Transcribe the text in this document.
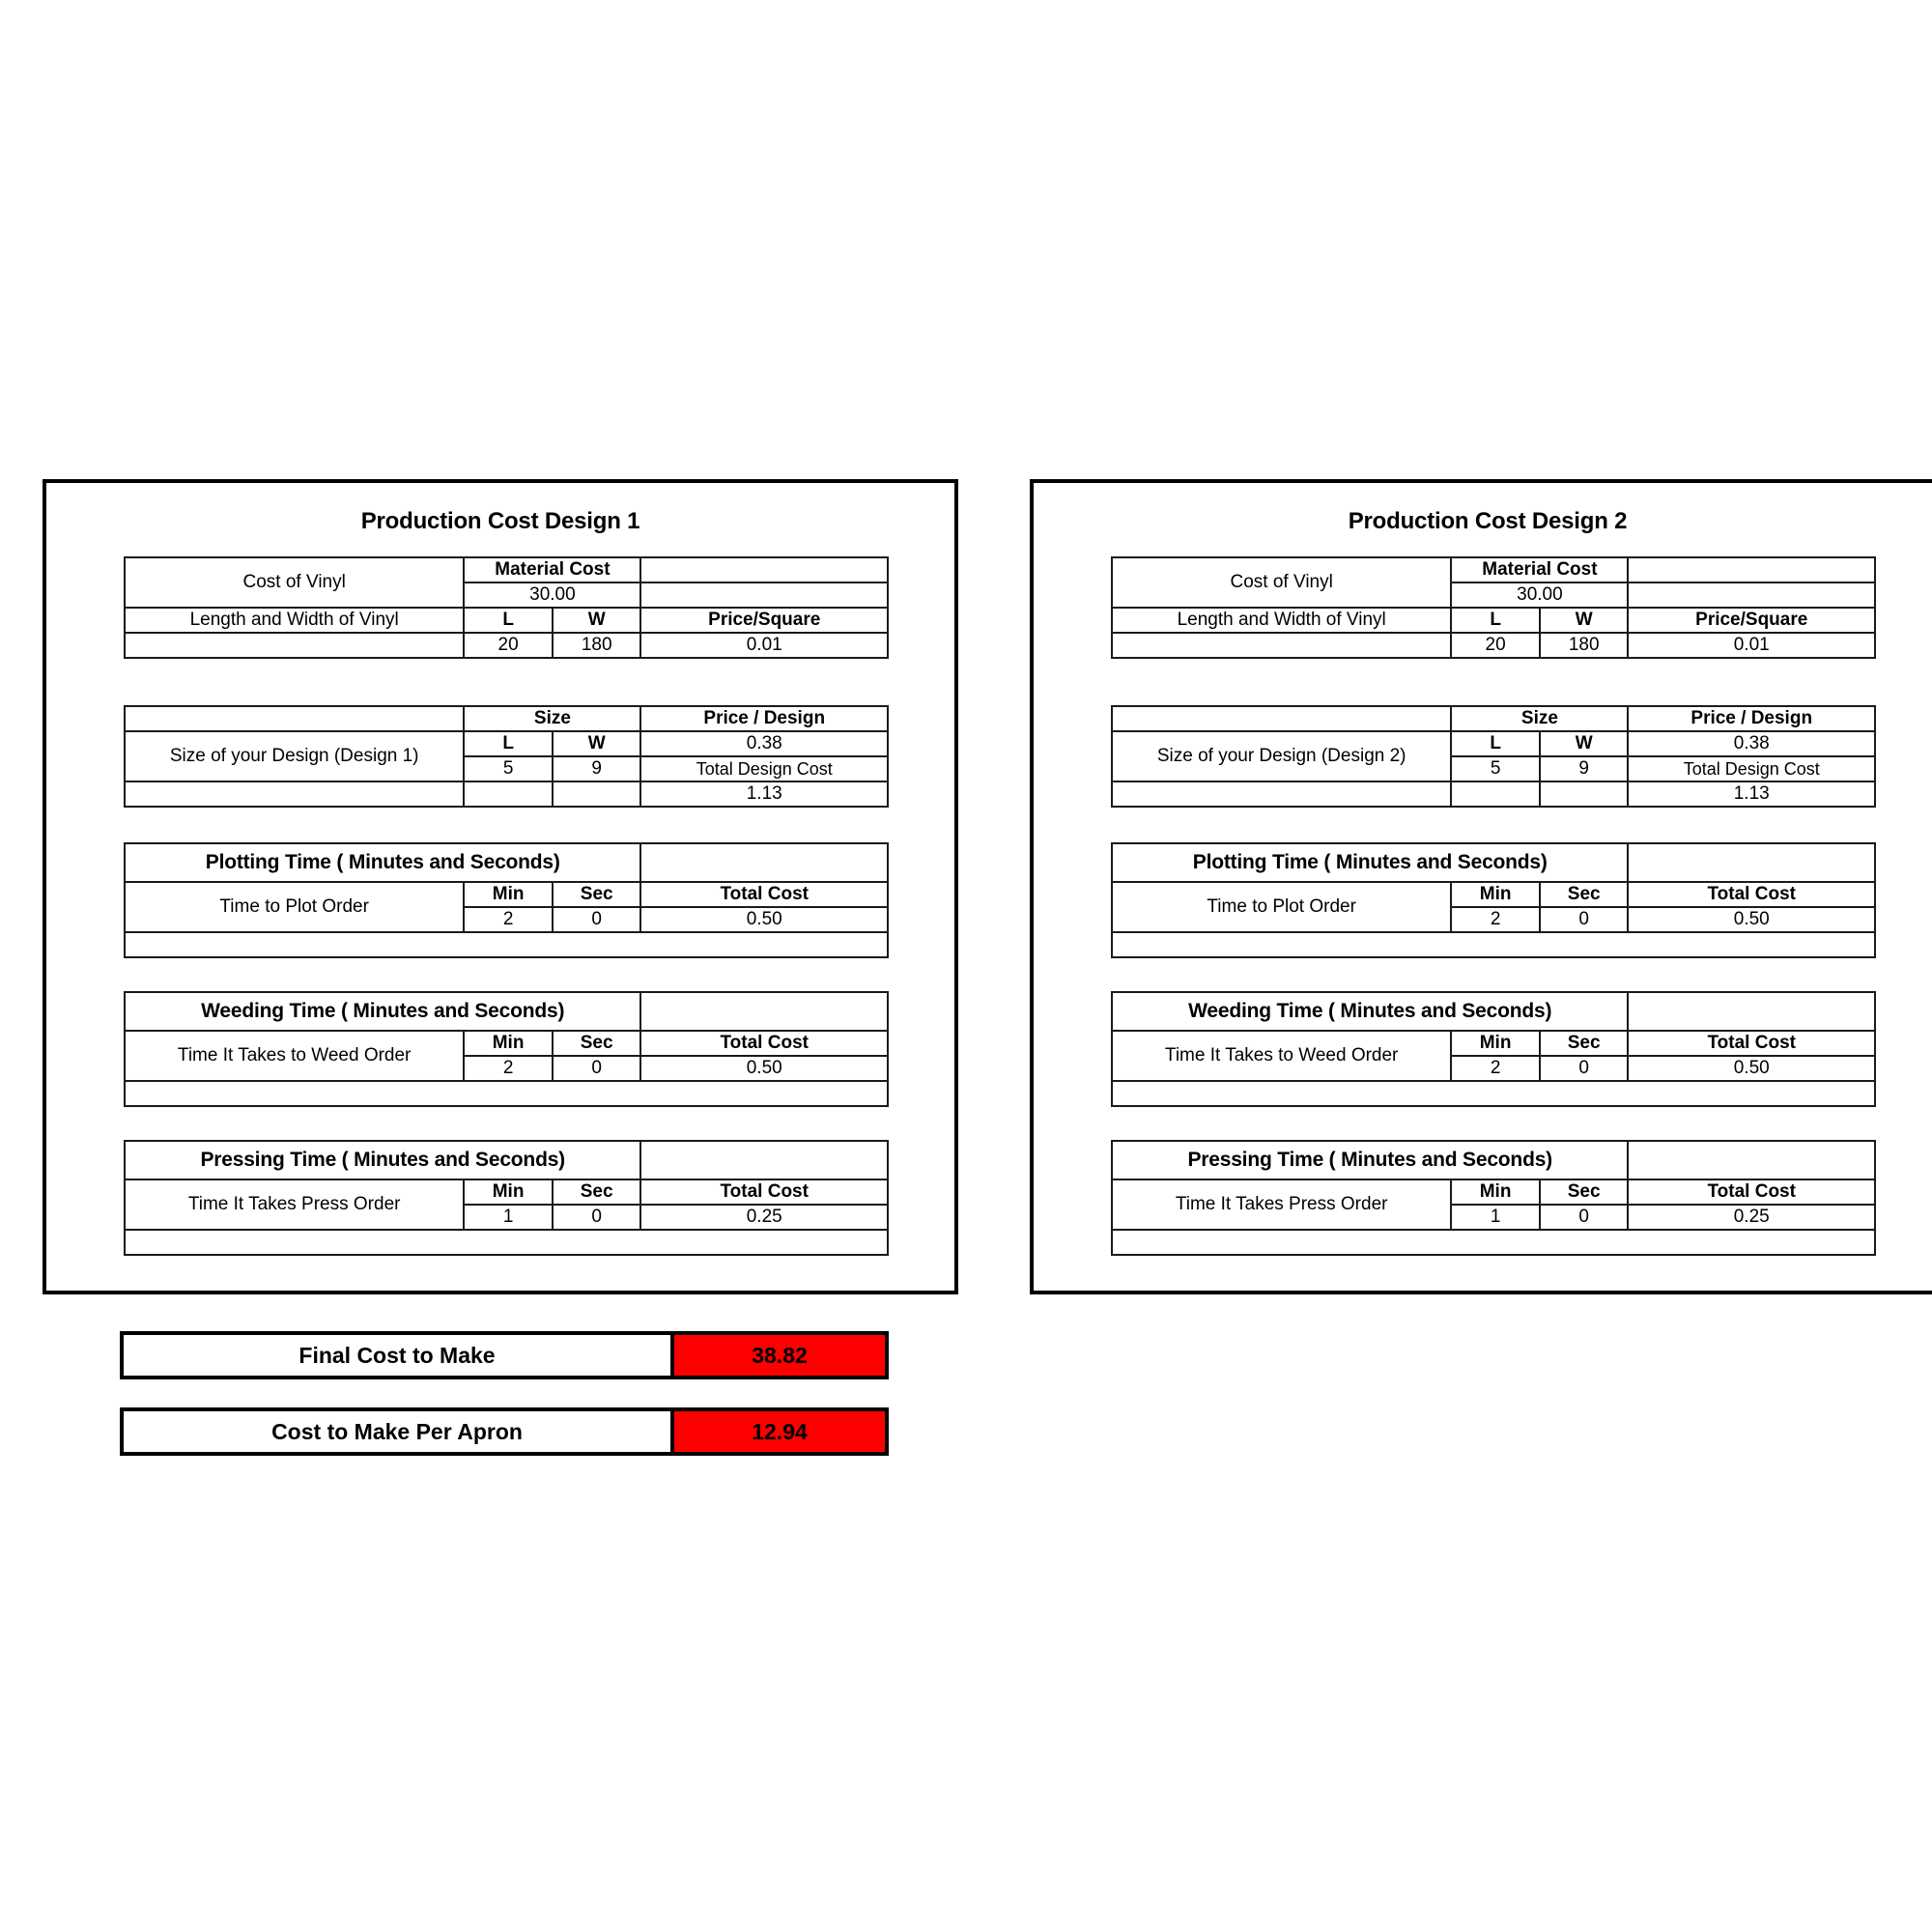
Production Cost Design 1
Cost of Vinyl	Material Cost		
	30.00		
Length and Width of Vinyl	L	W	Price/Square
	20	180	0.01
	Size		Price / Design
Size of your Design (Design 1)	L	W	0.38
	5	9	Total Design Cost
			1.13
Plotting Time ( Minutes and Seconds)			
Time to Plot Order	Min	Sec	Total Cost
	2	0	0.50

Weeding Time ( Minutes and Seconds)			
Time It Takes to Weed Order	Min	Sec	Total Cost
	2	0	0.50

Pressing Time ( Minutes and Seconds)			
Time It Takes Press Order	Min	Sec	Total Cost
	1	0	0.25

Production Cost Design 2
Cost of Vinyl	Material Cost		
	30.00		
Length and Width of Vinyl	L	W	Price/Square
	20	180	0.01
	Size		Price / Design
Size of your Design (Design 2)	L	W	0.38
	5	9	Total Design Cost
			1.13
Plotting Time ( Minutes and Seconds)			
Time to Plot Order	Min	Sec	Total Cost
	2	0	0.50

Weeding Time ( Minutes and Seconds)			
Time It Takes to Weed Order	Min	Sec	Total Cost
	2	0	0.50

Pressing Time ( Minutes and Seconds)			
Time It Takes Press Order	Min	Sec	Total Cost
	1	0	0.25

Final Cost to Make	38.82
Cost to Make Per Apron	12.94
